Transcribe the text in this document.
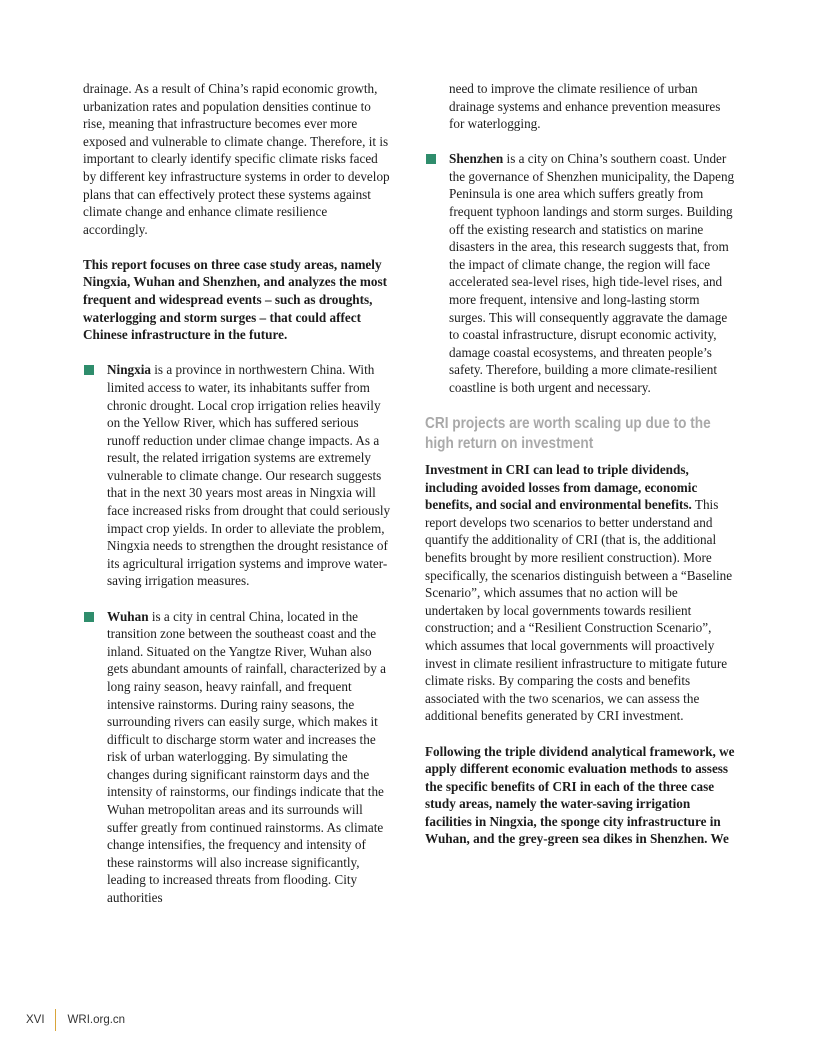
drainage. As a result of China’s rapid economic growth, urbanization rates and population densities continue to rise, meaning that infrastructure becomes ever more exposed and vulnerable to climate change. Therefore, it is important to clearly identify specific climate risks faced by different key infrastructure systems in order to develop plans that can effectively protect these systems against climate change and enhance climate resilience accordingly.

This report focuses on three case study areas, namely Ningxia, Wuhan and Shenzhen, and analyzes the most frequent and widespread events – such as droughts, waterlogging and storm surges – that could affect Chinese infrastructure in the future.

Ningxia is a province in northwestern China. With limited access to water, its inhabitants suffer from chronic drought. Local crop irrigation relies heavily on the Yellow River, which has suffered serious runoff reduction under climae change impacts. As a result, the related irrigation systems are extremely vulnerable to climate change. Our research suggests that in the next 30 years most areas in Ningxia will face increased risks from drought that could seriously impact crop yields. In order to alleviate the problem, Ningxia needs to strengthen the drought resistance of its agricultural irrigation systems and improve water-saving irrigation measures.

Wuhan is a city in central China, located in the transition zone between the southeast coast and the inland. Situated on the Yangtze River, Wuhan also gets abundant amounts of rainfall, characterized by a long rainy season, heavy rainfall, and frequent intensive rainstorms. During rainy seasons, the surrounding rivers can easily surge, which makes it difficult to discharge storm water and increases the risk of urban waterlogging. By simulating the changes during significant rainstorm days and the intensity of rainstorms, our findings indicate that the Wuhan metropolitan areas and its surrounds will suffer greatly from continued rainstorms. As climate change intensifies, the frequency and intensity of these rainstorms will also increase significantly, leading to increased threats from flooding. City authorities

need to improve the climate resilience of urban drainage systems and enhance prevention measures for waterlogging.

Shenzhen is a city on China’s southern coast. Under the governance of Shenzhen municipality, the Dapeng Peninsula is one area which suffers greatly from frequent typhoon landings and storm surges. Building off the existing research and statistics on marine disasters in the area, this research suggests that, from the impact of climate change, the region will face accelerated sea-level rises, high tide-level rises, and more frequent, intensive and long-lasting storm surges. This will consequently aggravate the damage to coastal infrastructure, disrupt economic activity, damage coastal ecosystems, and threaten people’s safety. Therefore, building a more climate-resilient coastline is both urgent and necessary.

CRI projects are worth scaling up due to the high return on investment

Investment in CRI can lead to triple dividends, including avoided losses from damage, economic benefits, and social and environmental benefits. This report develops two scenarios to better understand and quantify the additionality of CRI (that is, the additional benefits brought by more resilient construction). More specifically, the scenarios distinguish between a “Baseline Scenario”, which assumes that no action will be undertaken by local governments towards resilient construction; and a “Resilient Construction Scenario”, which assumes that local governments will proactively invest in climate resilient infrastructure to mitigate future climate risks. By comparing the costs and benefits associated with the two scenarios, we can assess the additional benefits generated by CRI investment.

Following the triple dividend analytical framework, we apply different economic evaluation methods to assess the specific benefits of CRI in each of the three case study areas, namely the water-saving irrigation facilities in Ningxia, the sponge city infrastructure in Wuhan, and the grey-green sea dikes in Shenzhen. We

XVI WRI.org.cn
